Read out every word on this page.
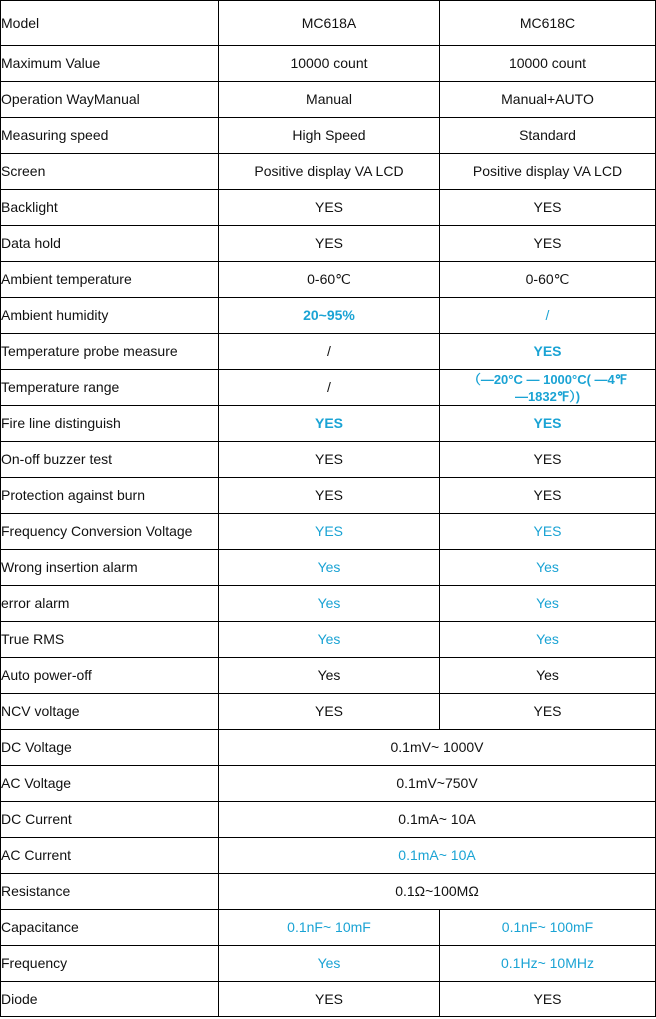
Model	MC618A	MC618C
Maximum Value	10000 count	10000 count
Operation WayManual	Manual	Manual+AUTO
Measuring speed	High Speed	Standard
Screen	Positive display VA LCD	Positive display VA LCD
Backlight	YES	YES
Data hold	YES	YES
Ambient temperature	0-60℃	0-60℃
Ambient humidity	20~95%	/
Temperature probe measure	/	YES
Temperature range	/	（—20°C — 1000°C( —4℉
—1832℉）)

Fire line distinguish	YES	YES
On-off buzzer test	YES	YES
Protection against burn	YES	YES
Frequency Conversion Voltage	YES	YES
Wrong insertion alarm	Yes	Yes
error alarm	Yes	Yes
True RMS	Yes	Yes
Auto power-off	Yes	Yes
NCV voltage	YES	YES
DC Voltage	0.1mV~ 1000V	
AC Voltage	0.1mV~750V	
DC Current	0.1mA~ 10A	
AC Current	0.1mA~ 10A	
Resistance	0.1Ω~100MΩ	
Capacitance	0.1nF~ 10mF	0.1nF~ 100mF
Frequency	Yes	0.1Hz~ 10MHz
Diode	YES	YES
